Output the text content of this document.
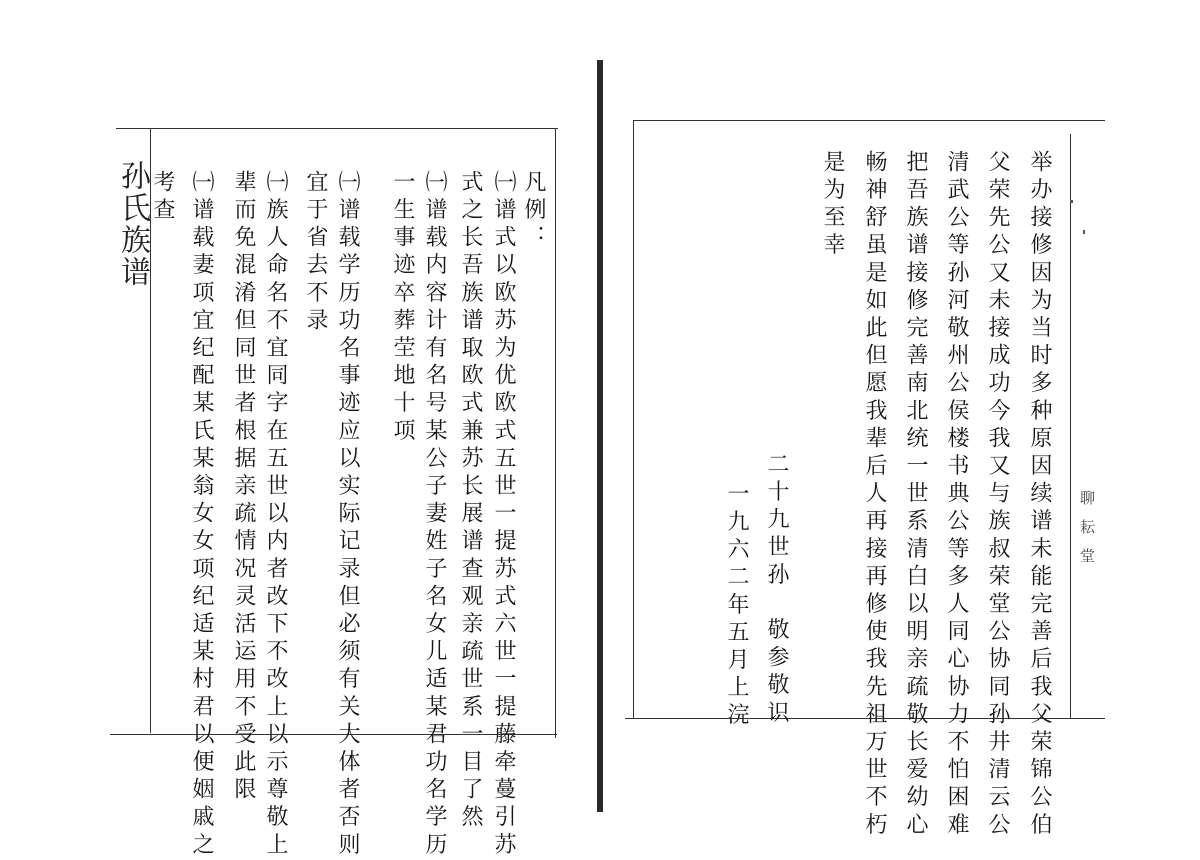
孙氏族谱	凡例：
㈠谱式以欧苏为优欧式五世一提苏式六世一提藤牵蔓引苏
式之长吾族谱取欧式兼苏长展谱查观亲疏世系一目了然
㈠谱载内容计有名号某公子妻姓子名女儿适某君功名学历
一生事迹卒葬茔地十项
㈠谱载学历功名事迹应以实际记录但必须有关大体者否则
宜于省去不录
㈠族人命名不宜同字在五世以内者改下不改上以示尊敬上
辈而免混淆但同世者根据亲疏情况灵活运用不受此限
㈠谱载妻项宜纪配某氏某翁女女项纪适某村君以便姻戚之
考查	举办接修因为当时多种原因续谱未能完善后我父荣锦公伯
父荣先公又未接成功今我又与族叔荣堂公协同孙井清云公
清武公等孙河敬州公侯楼书典公等多人同心协力不怕困难
把吾族谱接修完善南北统一世系清白以明亲疏敬长爱幼心
畅神舒虽是如此但愿我辈后人再接再修使我先祖万世不朽
是为至幸
二十九世孙　敬参敬识
一九六二年五月上浣	聊耘堂
